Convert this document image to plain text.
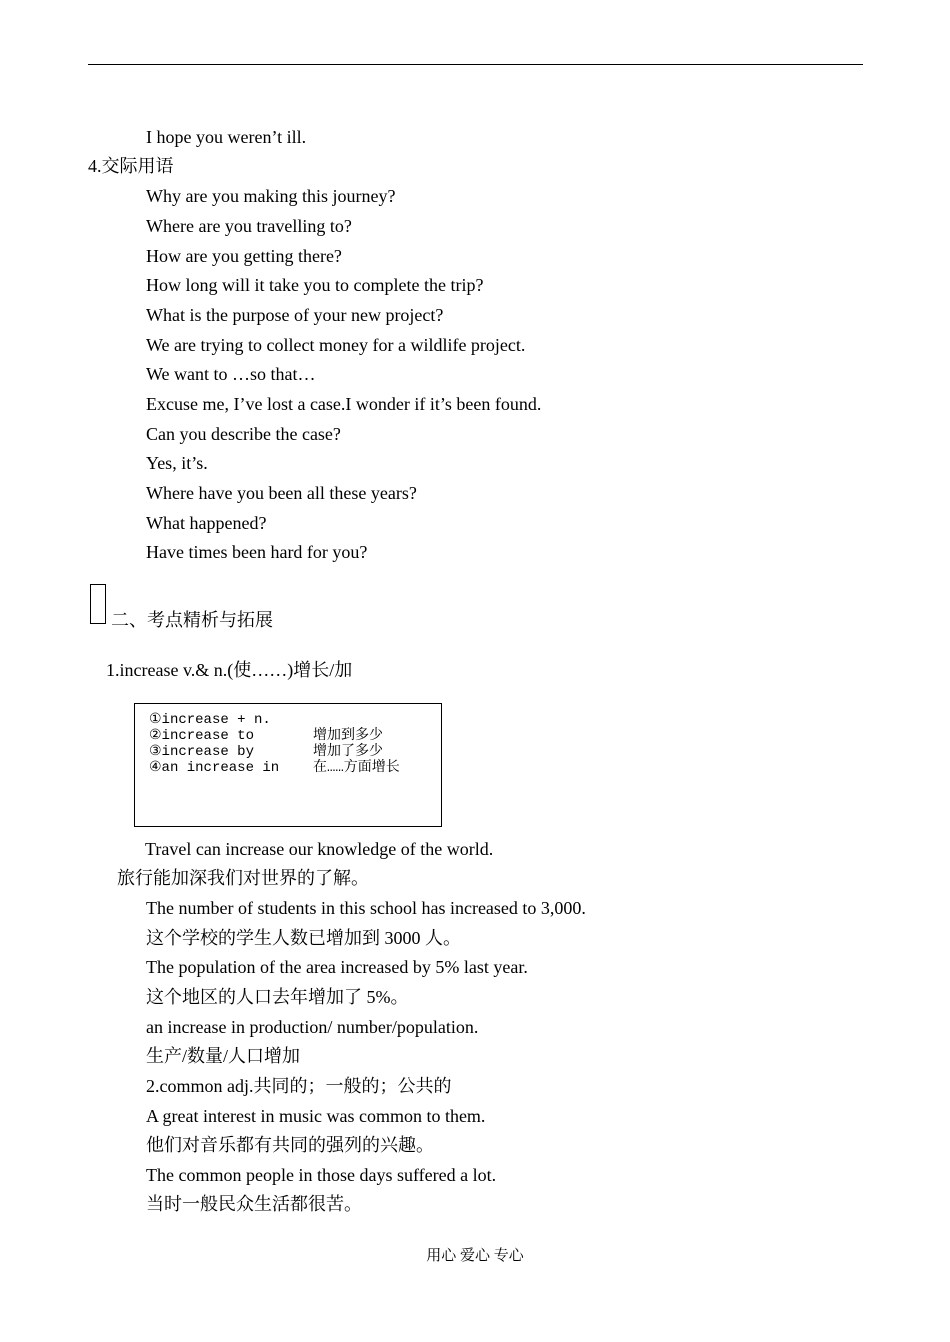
I hope you weren’t ill.
4.交际用语
Why are you making this journey?
Where are you travelling to?
How are you getting there?
How long will it take you to complete the trip?
What is the purpose of your new project?
We are trying to collect money for a wildlife project.
We want to …so that…
Excuse me, I’ve lost a case.I wonder if it’s been found.
Can you describe the case?
Yes, it’s.
Where have you been all these years?
What happened?
Have times been hard for you?
二、考点精析与拓展
1.increase v.& n.(使……)增长/加
①increase + n.
②increase to	增加到多少
③increase by	增加了多少
④an increase in 在……方面增长
Travel can increase our knowledge of the world.
旅行能加深我们对世界的了解。
The number of students in this school has increased to 3,000.
这个学校的学生人数已增加到 3000 人。
The population of the area increased by 5% last year.
这个地区的人口去年增加了 5%。
an increase in production/ number/population.
生产/数量/人口增加
2.common adj.共同的；一般的；公共的
A great interest in music was common to them.
他们对音乐都有共同的强列的兴趣。
The common people in those days suffered a lot.
当时一般民众生活都很苦。
用心 爱心 专心
